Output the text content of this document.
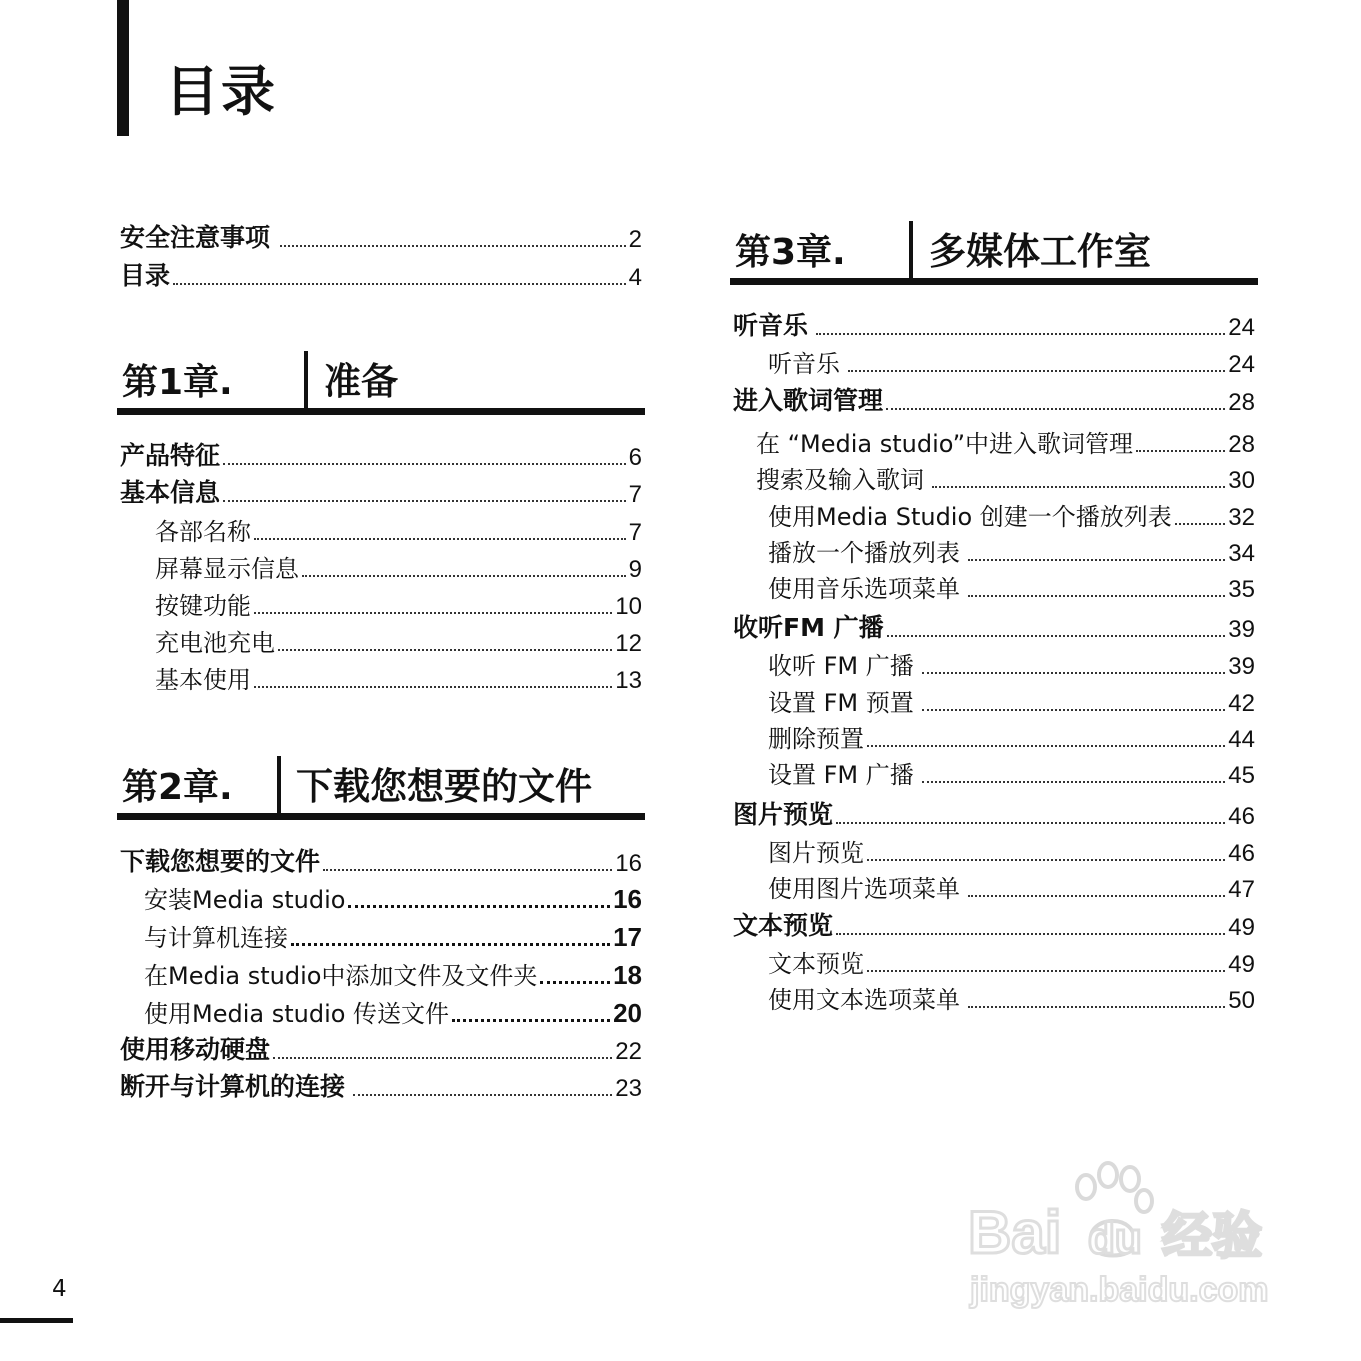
目录
安全注意事项	2
目录	4
第1章. 准备
产品特征	6
基本信息	7
各部名称	7
屏幕显示信息	9
按键功能	10
充电池充电	12
基本使用	13
第2章. 下载您想要的文件
下载您想要的文件	16
安装Media studio	16
与计算机连接	17
在Media studio中添加文件及文件夹	18
使用Media studio 传送文件	20
使用移动硬盘	22
断开与计算机的连接	23
第3章. 多媒体工作室
听音乐	24
听音乐	24
进入歌词管理	28
在 “Media studio”中进入歌词管理	28
搜索及输入歌词	30
使用Media Studio 创建一个播放列表 32
播放一个播放列表	34
使用音乐选项菜单	35
收听FM 广播	39
收听 FM 广播	39
设置 FM 预置	42
删除预置	44
设置 FM 广播	45
图片预览	46
图片预览	46
使用图片选项菜单	47
文本预览	49
文本预览	49
使用文本选项菜单	50
4
Bai du 经验
jingyan.baidu.com
